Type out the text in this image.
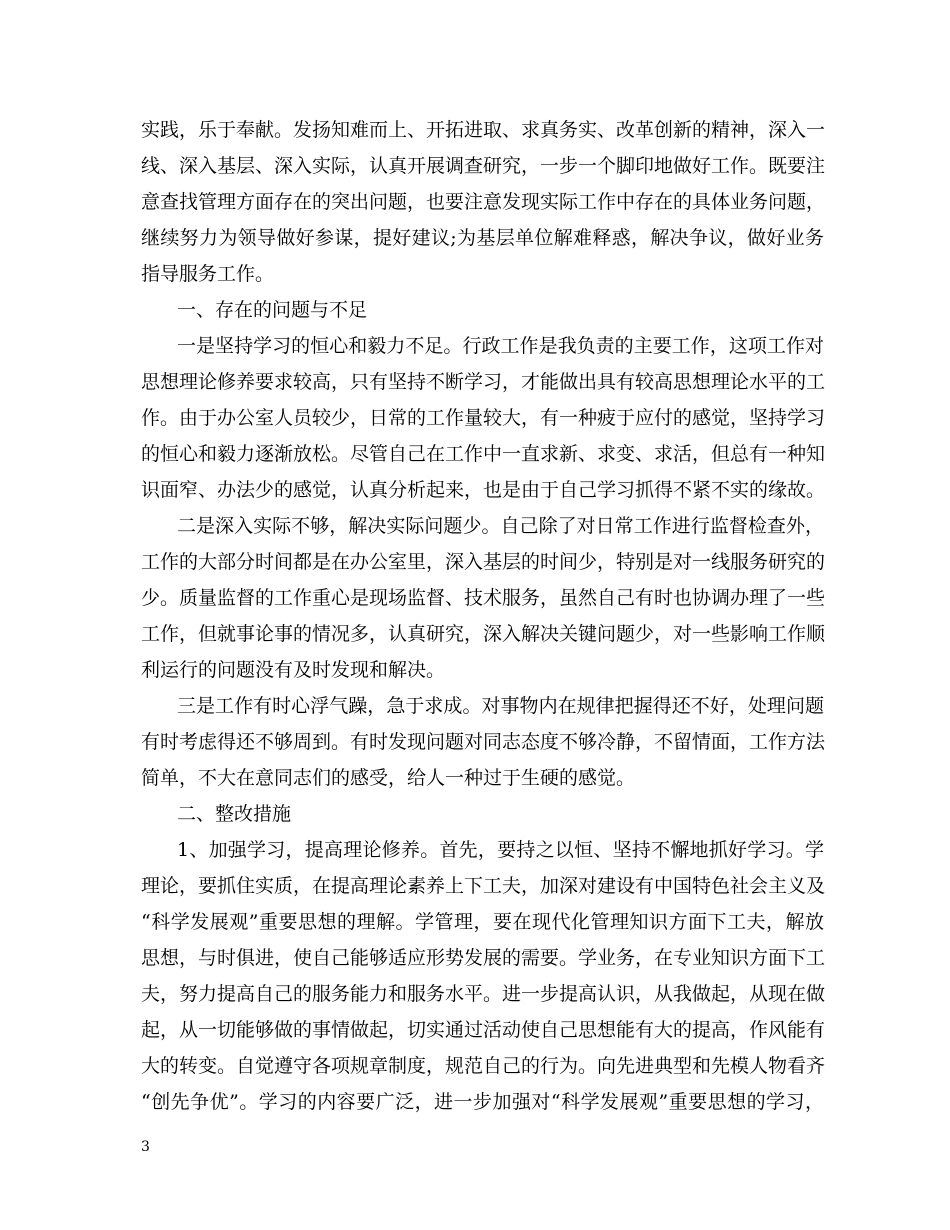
实践，乐于奉献。发扬知难而上、开拓进取、求真务实、改革创新的精神，深入一
线、深入基层、深入实际，认真开展调查研究，一步一个脚印地做好工作。既要注
意查找管理方面存在的突出问题，也要注意发现实际工作中存在的具体业务问题，
继续努力为领导做好参谋，提好建议;为基层单位解难释惑，解决争议，做好业务
指导服务工作。
一、存在的问题与不足
一是坚持学习的恒心和毅力不足。行政工作是我负责的主要工作，这项工作对
思想理论修养要求较高，只有坚持不断学习，才能做出具有较高思想理论水平的工
作。由于办公室人员较少，日常的工作量较大，有一种疲于应付的感觉，坚持学习
的恒心和毅力逐渐放松。尽管自己在工作中一直求新、求变、求活，但总有一种知
识面窄、办法少的感觉，认真分析起来，也是由于自己学习抓得不紧不实的缘故。
二是深入实际不够，解决实际问题少。自己除了对日常工作进行监督检查外，
工作的大部分时间都是在办公室里，深入基层的时间少，特别是对一线服务研究的
少。质量监督的工作重心是现场监督、技术服务，虽然自己有时也协调办理了一些
工作，但就事论事的情况多，认真研究，深入解决关键问题少，对一些影响工作顺
利运行的问题没有及时发现和解决。
三是工作有时心浮气躁，急于求成。对事物内在规律把握得还不好，处理问题
有时考虑得还不够周到。有时发现问题对同志态度不够冷静，不留情面，工作方法
简单，不大在意同志们的感受，给人一种过于生硬的感觉。
二、整改措施
1、加强学习，提高理论修养。首先，要持之以恒、坚持不懈地抓好学习。学
理论，要抓住实质，在提高理论素养上下工夫，加深对建设有中国特色社会主义及
“科学发展观”重要思想的理解。学管理，要在现代化管理知识方面下工夫，解放
思想，与时俱进，使自己能够适应形势发展的需要。学业务，在专业知识方面下工
夫，努力提高自己的服务能力和服务水平。进一步提高认识，从我做起，从现在做
起，从一切能够做的事情做起，切实通过活动使自己思想能有大的提高，作风能有
大的转变。自觉遵守各项规章制度，规范自己的行为。向先进典型和先模人物看齐
“创先争优”。学习的内容要广泛，进一步加强对“科学发展观”重要思想的学习，
3
